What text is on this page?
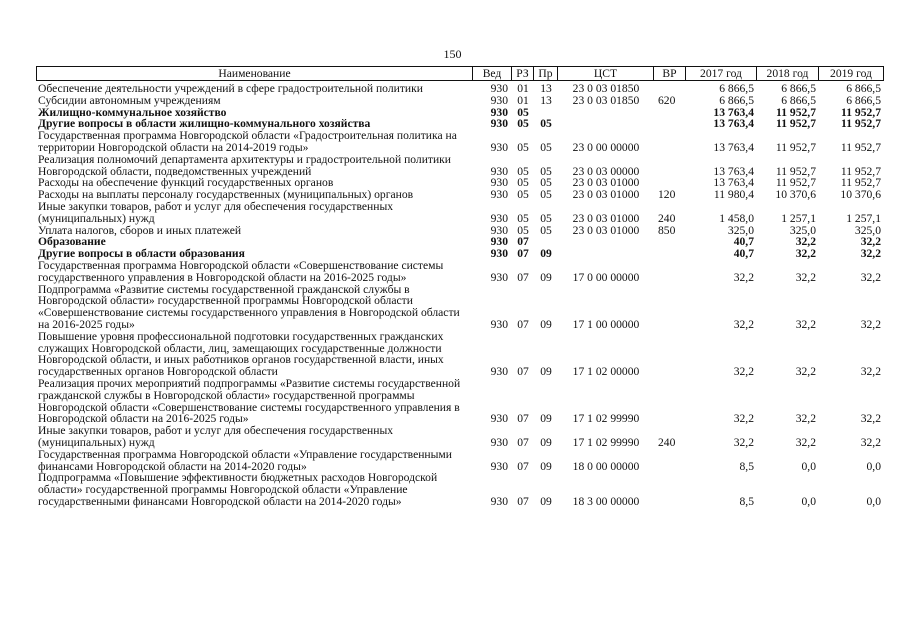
150
Наименование	Вед	РЗ Пр	ЦСТ	ВР	2017 год	2018 год	2019 год
Обеспечение деятельности учреждений в сфере градостроительной политики	930 01 13	23 0 03 01850	6 866,5	6 866,5	6 866,5
Субсидии автономным учреждениям	930 01 13	23 0 03 01850	620	6 866,5	6 866,5	6 866,5
Жилищно-коммунальное хозяйство	930 05	13 763,4	11 952,7	11 952,7
Другие вопросы в области жилищно-коммунального хозяйства	930 05 05	13 763,4	11 952,7	11 952,7
Государственная программа Новгородской области «Градостроительная политика на территории Новгородской области на 2014-2019 годы»	930 05 05	23 0 00 00000	13 763,4	11 952,7	11 952,7
Реализация полномочий департамента архитектуры и градостроительной политики Новгородской области, подведомственных учреждений	930 05 05	23 0 03 00000	13 763,4	11 952,7	11 952,7
Расходы на обеспечение функций государственных органов	930 05 05	23 0 03 01000	13 763,4	11 952,7	11 952,7
Расходы на выплаты персоналу государственных (муниципальных) органов	930 05 05	23 0 03 01000	120	11 980,4	10 370,6	10 370,6
Иные закупки товаров, работ и услуг для обеспечения государственных (муниципальных) нужд	930 05 05	23 0 03 01000	240	1 458,0	1 257,1	1 257,1
Уплата налогов, сборов и иных платежей	930 05 05	23 0 03 01000	850	325,0	325,0	325,0
Образование	930 07	40,7	32,2	32,2
Другие вопросы в области образования	930 07 09	40,7	32,2	32,2
Государственная программа Новгородской области «Совершенствование системы государственного управления в Новгородской области на 2016-2025 годы»	930 07 09	17 0 00 00000	32,2	32,2	32,2
Подпрограмма «Развитие системы государственной гражданской службы в Новгородской области» государственной программы Новгородской области «Совершенствование системы государственного управления в Новгородской области на 2016-2025 годы»	930 07 09	17 1 00 00000	32,2	32,2	32,2
Повышение уровня профессиональной подготовки государственных гражданских служащих Новгородской области, лиц, замещающих государственные должности Новгородской области, и иных работников органов государственной власти, иных государственных органов Новгородской области	930 07 09	17 1 02 00000	32,2	32,2	32,2
Реализация прочих мероприятий подпрограммы «Развитие системы государственной гражданской службы в Новгородской области» государственной программы Новгородской области «Совершенствование системы государственного управления в Новгородской области на 2016-2025 годы»	930 07 09	17 1 02 99990	32,2	32,2	32,2
Иные закупки товаров, работ и услуг для обеспечения государственных (муниципальных) нужд	930 07 09	17 1 02 99990	240	32,2	32,2	32,2
Государственная программа Новгородской области «Управление государственными финансами Новгородской области на 2014-2020 годы»	930 07 09	18 0 00 00000	8,5	0,0	0,0
Подпрограмма «Повышение эффективности бюджетных расходов Новгородской области» государственной программы Новгородской области «Управление государственными финансами Новгородской области на 2014-2020 годы»	930 07 09	18 3 00 00000	8,5	0,0	0,0
